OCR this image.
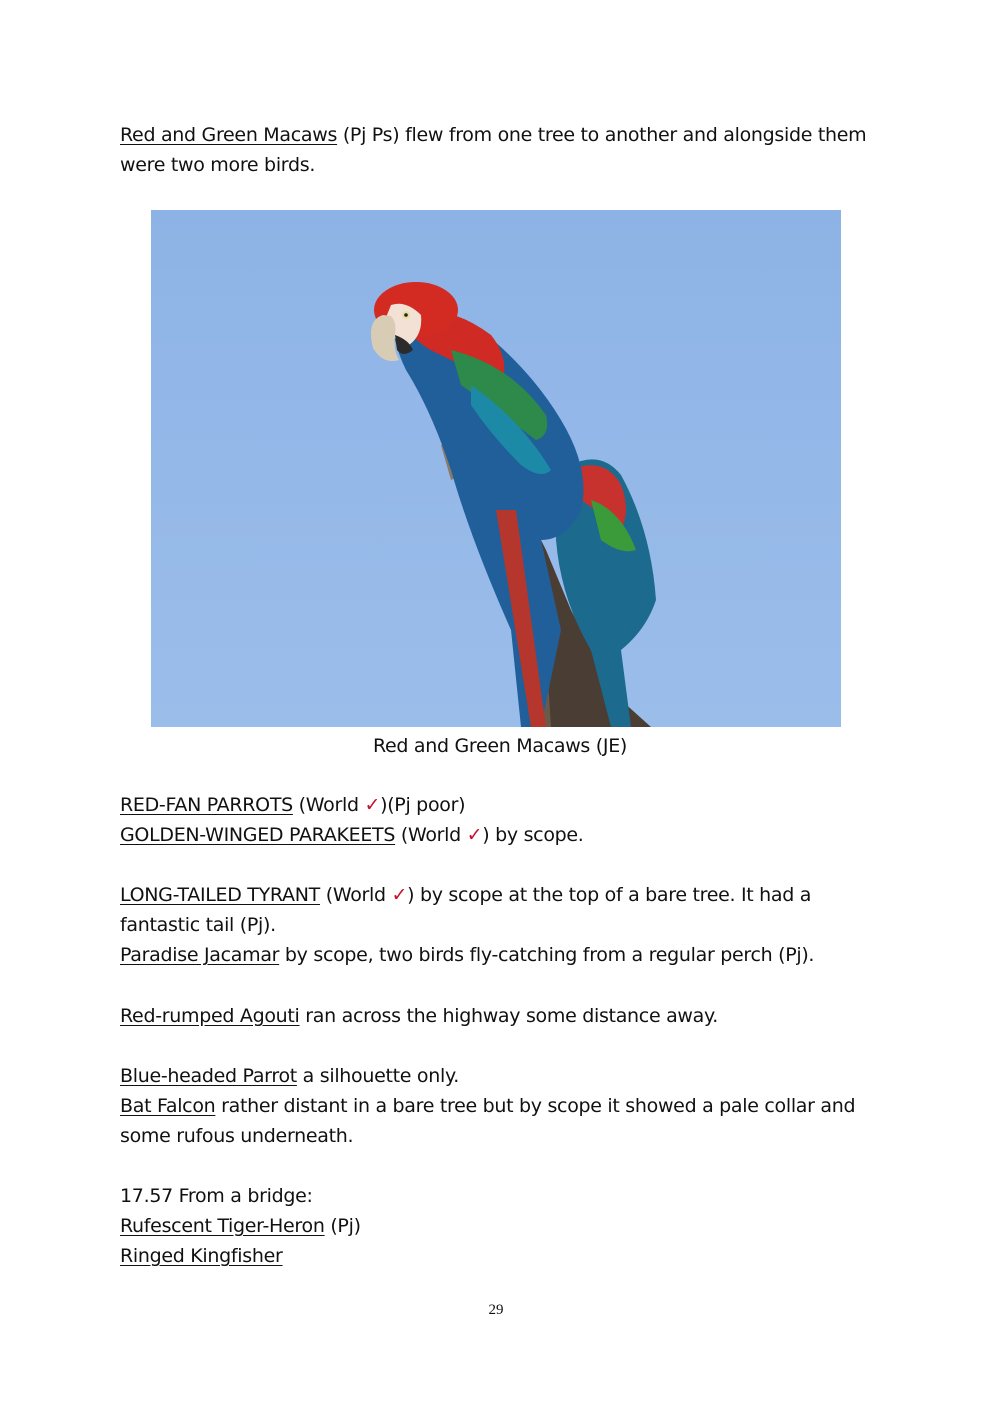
Red and Green Macaws (Pj Ps) flew from one tree to another and alongside them were two more birds.
Red and Green Macaws (JE)
RED-FAN PARROTS (World ✓)(Pj poor)
GOLDEN-WINGED PARAKEETS (World ✓) by scope.
LONG-TAILED TYRANT (World ✓) by scope at the top of a bare tree. It had a fantastic tail (Pj).
Paradise Jacamar by scope, two birds fly-catching from a regular perch (Pj).
Red-rumped Agouti ran across the highway some distance away.
Blue-headed Parrot a silhouette only.
Bat Falcon rather distant in a bare tree but by scope it showed a pale collar and some rufous underneath.
17.57 From a bridge:
Rufescent Tiger-Heron (Pj)
Ringed Kingfisher
29
